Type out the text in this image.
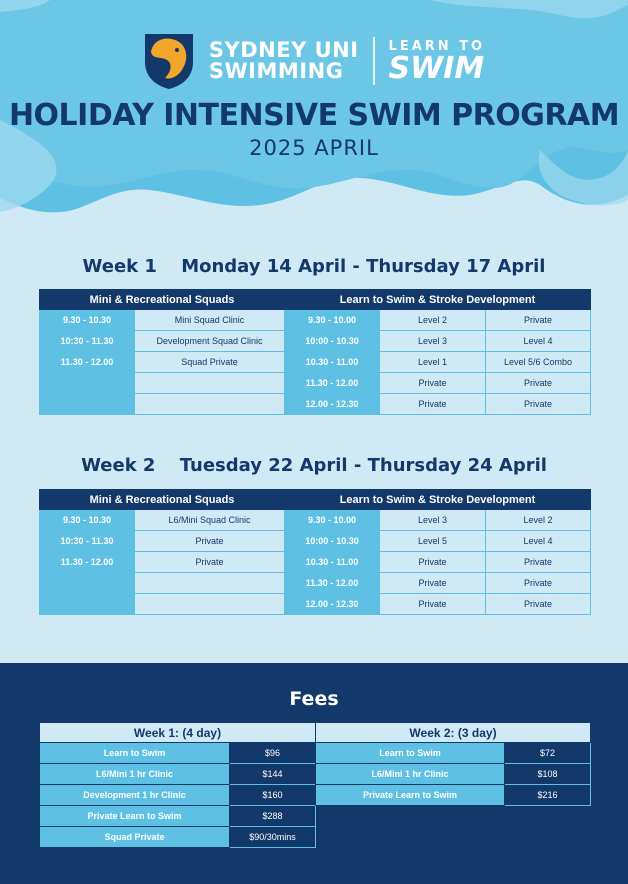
SYDNEY UNI
SWIMMING
LEARN TO
SWIM
HOLIDAY INTENSIVE SWIM PROGRAM
2025 APRIL
Week 1 Monday 14 April - Thursday 17 April
Mini & Recreational Squads		Learn to Swim & Stroke Development		
9.30 - 10.30	Mini Squad Clinic	9.30 - 10.00	Level 2	Private
10:30 - 11.30	Development Squad Clinic	10:00 - 10.30	Level 3	Level 4
11.30 - 12.00	Squad Private	10.30 - 11.00	Level 1	Level 5/6 Combo
		11.30 - 12.00	Private	Private
		12.00 - 12.30	Private	Private
Week 2 Tuesday 22 April - Thursday 24 April
Mini & Recreational Squads		Learn to Swim & Stroke Development		
9.30 - 10.30	L6/Mini Squad Clinic	9.30 - 10.00	Level 3	Level 2
10:30 - 11.30	Private	10:00 - 10.30	Level 5	Level 4
11.30 - 12.00	Private	10.30 - 11.00	Private	Private
		11.30 - 12.00	Private	Private
		12.00 - 12.30	Private	Private
Fees
Week 1: (4 day)	
Learn to Swim	$96
L6/Mini 1 hr Clinic	$144
Development 1 hr Clinic	$160
Private Learn to Swim	$288
Squad Private	$90/30mins
Week 2: (3 day)	
Learn to Swim	$72
L6/Mini 1 hr Clinic	$108
Private Learn to Swim	$216
